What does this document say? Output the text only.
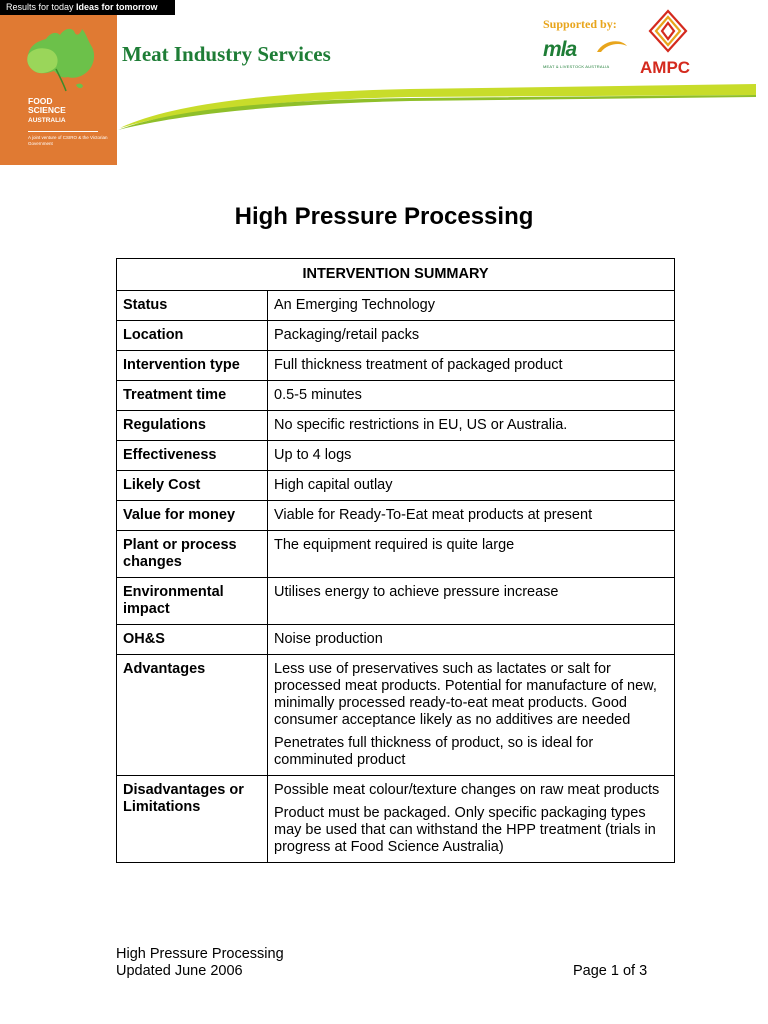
Results for today Ideas for tomorrow
FOOD
SCIENCE
AUSTRALIA
A joint venture of CSIRO & the Victorian Government
Meat Industry Services
Supported by:
mla
MEAT & LIVESTOCK AUSTRALIA AMPC
High Pressure Processing
INTERVENTION SUMMARY	
Status	An Emerging Technology

Location	Packaging/retail packs

Intervention type	Full thickness treatment of packaged product

Treatment time	0.5-5 minutes

Regulations	No specific restrictions in EU, US or Australia.

Effectiveness	Up to 4 logs

Likely Cost	High capital outlay

Value for money	Viable for Ready-To-Eat meat products at present

Plant or process changes	The equipment required is quite large

Environmental impact	Utilises energy to achieve pressure increase

OH&S	Noise production

Advantages	Less use of preservatives such as lactates or salt for processed meat products. Potential for manufacture of new, minimally processed ready-to-eat meat products. Good consumer acceptance likely as no additives are needed

Penetrates full thickness of product, so is ideal for comminuted product

Disadvantages or Limitations	Possible meat colour/texture changes on raw meat products

Product must be packaged. Only specific packaging types may be used that can withstand the HPP treatment (trials in progress at Food Science Australia)

High Pressure Processing
Updated June 2006	Page 1 of 3
